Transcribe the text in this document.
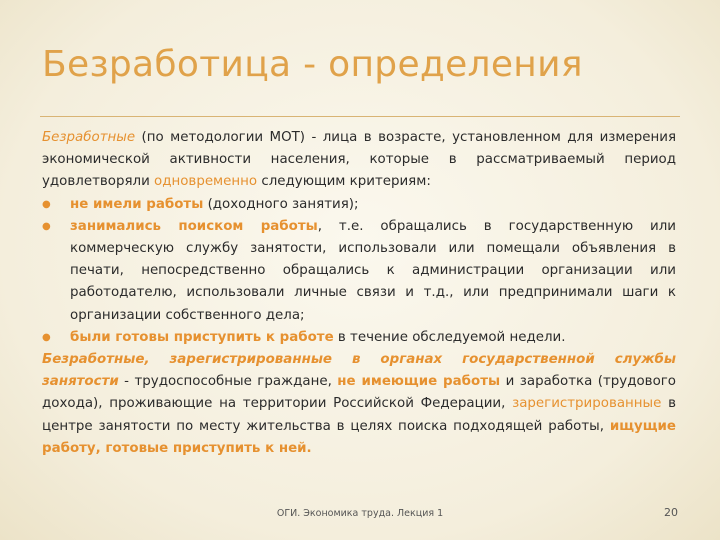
Безработица - определения

Безработные (по методологии МОТ) - лица в возрасте, установленном для измерения экономической активности населения, которые в рассматриваемый период удовлетворяли одновременно следующим критериям:

●	не имели работы (доходного занятия);
●	занимались поиском работы, т.е. обращались в государственную или коммерческую службу занятости, использовали или помещали объявления в печати, непосредственно обращались к администрации организации или работодателю, использовали личные связи и т.д., или предпринимали шаги к организации собственного дела;
●	были готовы приступить к работе в течение обследуемой недели.

Безработные, зарегистрированные в органах государственной службы занятости - трудоспособные граждане, не имеющие работы и заработка (трудового дохода), проживающие на территории Российской Федерации, зарегистрированные в центре занятости по месту жительства в целях поиска подходящей работы, ищущие работу, готовые приступить к ней.

ОГИ. Экономика труда. Лекция 1	20
